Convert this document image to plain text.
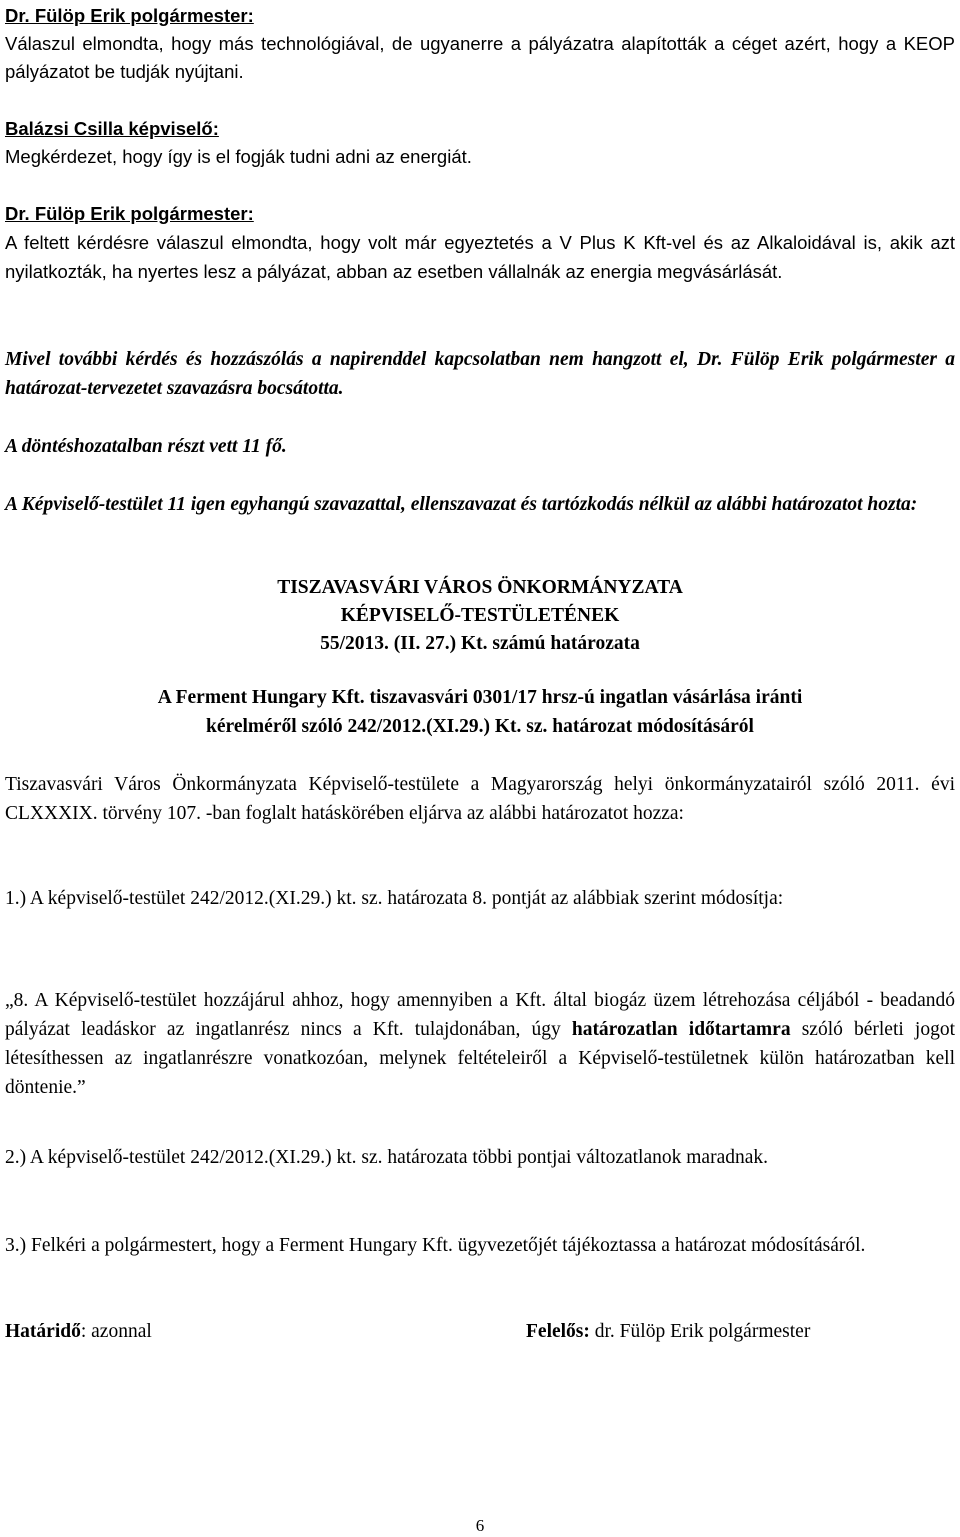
Dr. Fülöp Erik polgármester:

Válaszul elmondta, hogy más technológiával, de ugyanerre a pályázatra alapították a céget azért, hogy a KEOP pályázatot be tudják nyújtani.

Balázsi Csilla képviselő:

Megkérdezet, hogy így is el fogják tudni adni az energiát.

Dr. Fülöp Erik polgármester:

A feltett kérdésre válaszul elmondta, hogy volt már egyeztetés a V Plus K Kft-vel és az Alkaloidával is, akik azt nyilatkozták, ha nyertes lesz a pályázat, abban az esetben vállalnák az energia megvásárlását.

Mivel további kérdés és hozzászólás a napirenddel kapcsolatban nem hangzott el, Dr. Fülöp Erik polgármester a határozat-tervezetet szavazásra bocsátotta.

A döntéshozatalban részt vett 11 fő.

A Képviselő-testület 11 igen egyhangú szavazattal, ellenszavazat és tartózkodás nélkül az alábbi határozatot hozta:

TISZAVASVÁRI VÁROS ÖNKORMÁNYZATA

KÉPVISELŐ-TESTÜLETÉNEK

55/2013. (II. 27.) Kt. számú határozata

A Ferment Hungary Kft. tiszavasvári 0301/17 hrsz-ú ingatlan vásárlása iránti

kérelméről szóló 242/2012.(XI.29.) Kt. sz. határozat módosításáról

Tiszavasvári Város Önkormányzata Képviselő-testülete a Magyarország helyi önkormányzatairól szóló 2011. évi CLXXXIX. törvény 107. -ban foglalt hatáskörében eljárva az alábbi határozatot hozza:

1.) A képviselő-testület 242/2012.(XI.29.) kt. sz. határozata 8. pontját az alábbiak szerint módosítja:

„8. A Képviselő-testület hozzájárul ahhoz, hogy amennyiben a Kft. által biogáz üzem létrehozása céljából - beadandó pályázat leadáskor az ingatlanrész nincs a Kft. tulajdonában, úgy határozatlan időtartamra szóló bérleti jogot létesíthessen az ingatlanrészre vonatkozóan, melynek feltételeiről a Képviselő-testületnek külön határozatban kell döntenie.”

2.) A képviselő-testület 242/2012.(XI.29.) kt. sz. határozata többi pontjai változatlanok maradnak.

3.) Felkéri a polgármestert, hogy a Ferment Hungary Kft. ügyvezetőjét tájékoztassa a határozat módosításáról.

Határidő: azonnal	Felelős: dr. Fülöp Erik polgármester
6
